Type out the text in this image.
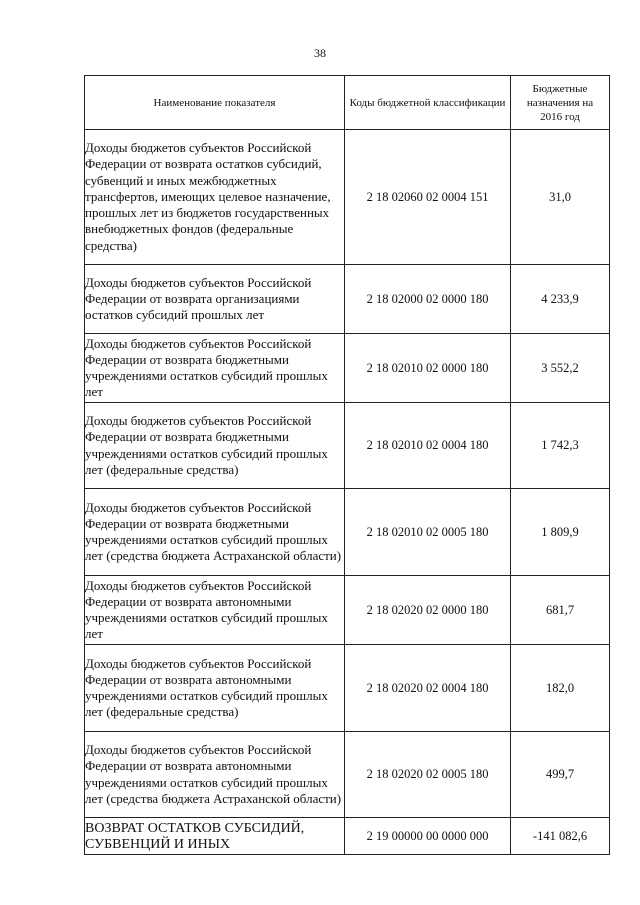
38
Наименование показателя	Коды бюджетной классификации	Бюджетные назначения на 2016 год

Доходы бюджетов субъектов Российской Федерации от возврата остатков субсидий, субвенций и иных межбюджетных трансфертов, имеющих целевое назначение, прошлых лет из бюджетов государственных внебюджетных фондов (федеральные средства)	2 18 02060 02 0004 151	31,0
Доходы бюджетов субъектов Российской Федерации от возврата организациями остатков субсидий прошлых лет	2 18 02000 02 0000 180	4 233,9
Доходы бюджетов субъектов Российской Федерации от возврата бюджетными учреждениями остатков субсидий прошлых лет	2 18 02010 02 0000 180	3 552,2
Доходы бюджетов субъектов Российской Федерации от возврата бюджетными учреждениями остатков субсидий прошлых лет (федеральные средства)	2 18 02010 02 0004 180	1 742,3
Доходы бюджетов субъектов Российской Федерации от возврата бюджетными учреждениями остатков субсидий прошлых лет (средства бюджета Астраханской области)	2 18 02010 02 0005 180	1 809,9
Доходы бюджетов субъектов Российской Федерации от возврата автономными учреждениями остатков субсидий прошлых лет	2 18 02020 02 0000 180	681,7
Доходы бюджетов субъектов Российской Федерации от возврата автономными учреждениями остатков субсидий прошлых лет (федеральные средства)	2 18 02020 02 0004 180	182,0
Доходы бюджетов субъектов Российской Федерации от возврата автономными учреждениями остатков субсидий прошлых лет (средства бюджета Астраханской области)	2 18 02020 02 0005 180	499,7
ВОЗВРАТ ОСТАТКОВ СУБСИДИЙ, СУБВЕНЦИЙ И ИНЫХ	2 19 00000 00 0000 000	-141 082,6
